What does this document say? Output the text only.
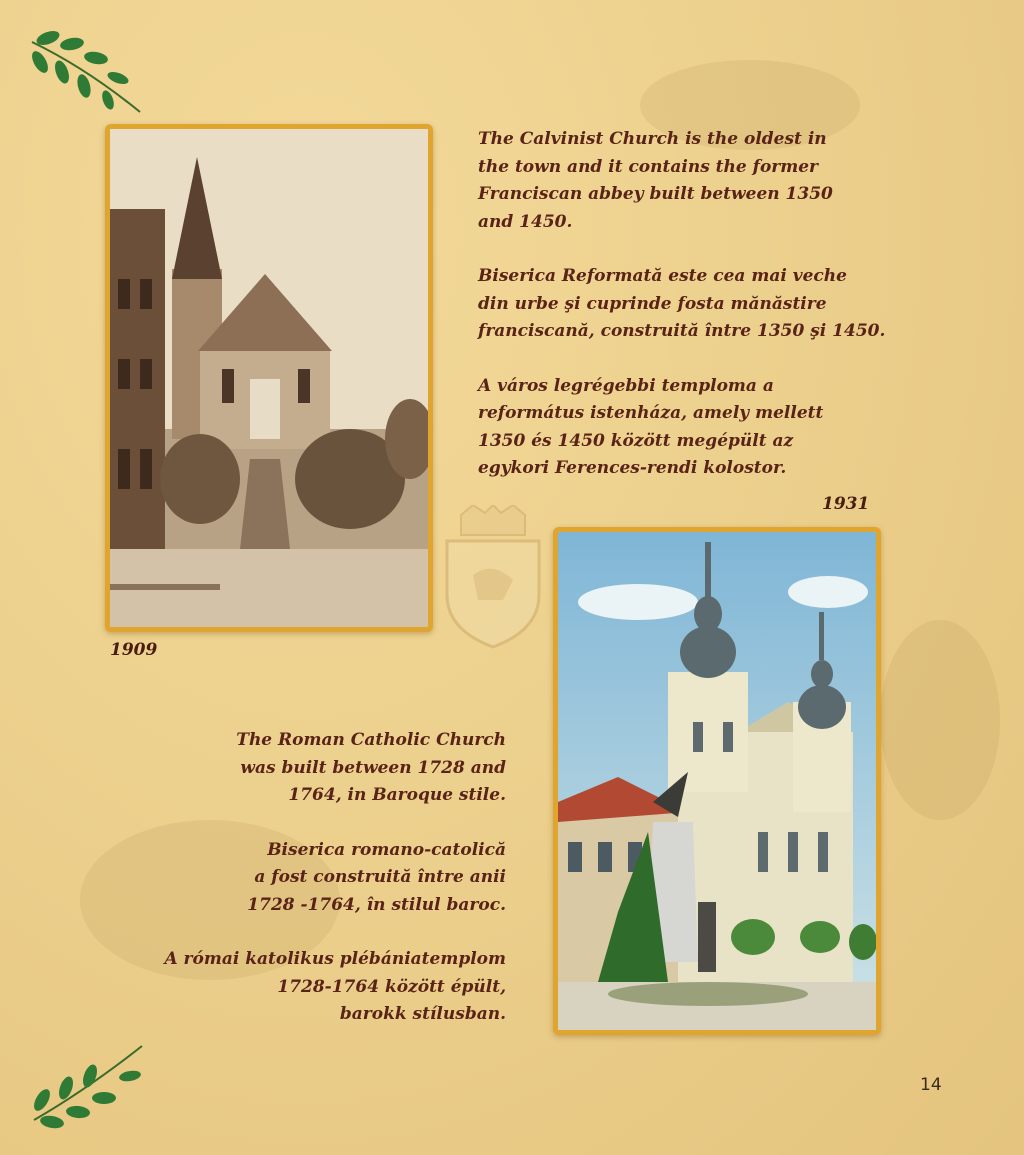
The Calvinist Church is the oldest in
the town and it contains the former
Franciscan abbey built between 1350
and 1450.

Biserica Reformată este cea mai veche
din urbe şi cuprinde fosta mănăstire
franciscană, construită între 1350 şi 1450.

A város legrégebbi temploma a
református istenháza, amely mellett
1350 és 1450 között megépült az
egykori Ferences-rendi kolostor.

1909
1931

The Roman Catholic Church
was built between 1728 and
1764, in Baroque stile.

Biserica romano-catolică
a fost construită între anii
1728 -1764, în stilul baroc.

A római katolikus plébániatemplom
1728-1764 között épült,
barokk stílusban.

14
